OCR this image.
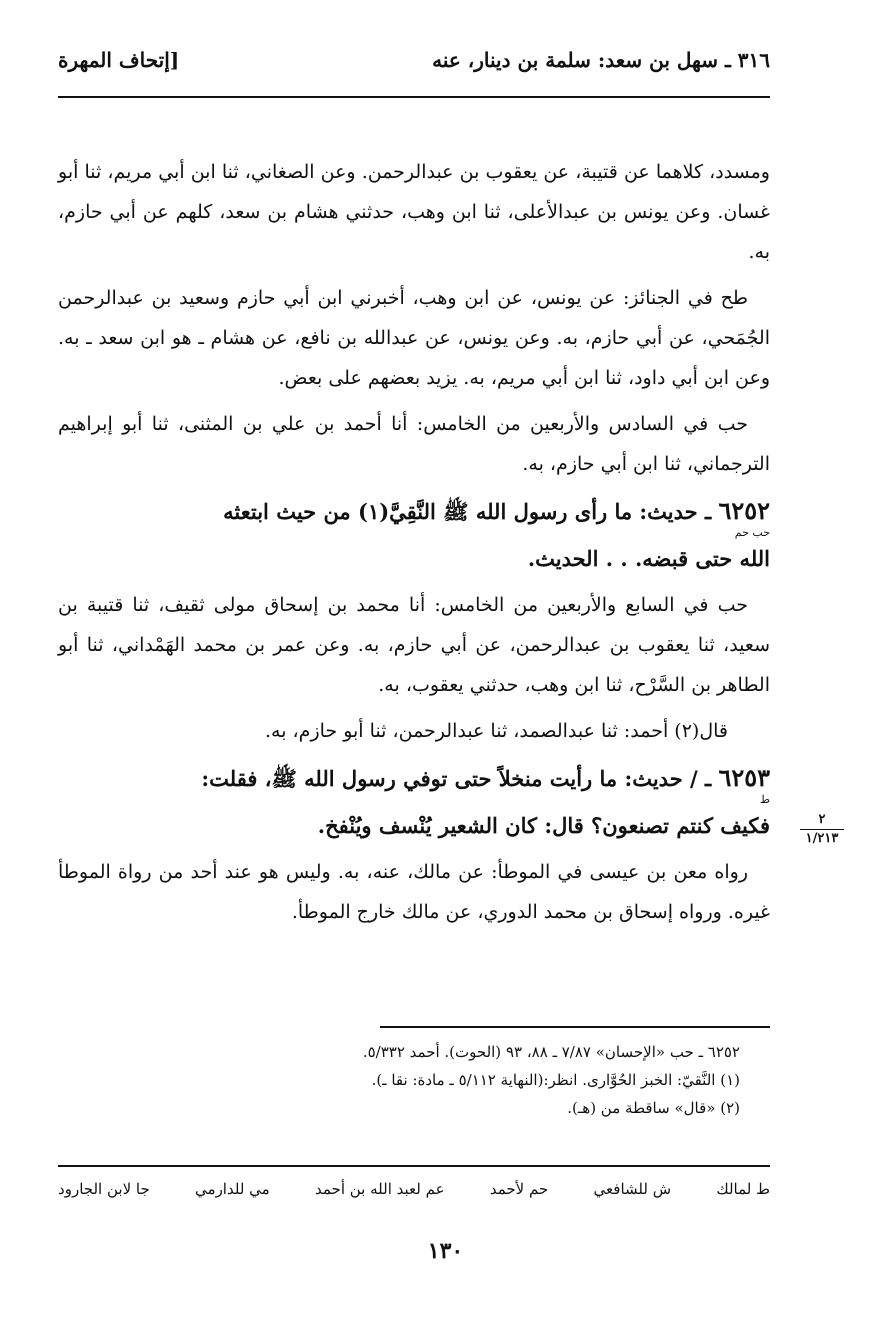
٣١٦ ـ سهل بن سعد: سلمة بن دينار، عنه
[إتحاف المهرة

ومسدد، كلاهما عن قتيبة، عن يعقوب بن عبدالرحمن. وعن الصغاني، ثنا ابن أبي مريم، ثنا أبو غسان. وعن يونس بن عبدالأعلى، ثنا ابن وهب، حدثني هشام بن سعد، كلهم عن أبي حازم، به.

طح في الجنائز: عن يونس، عن ابن وهب، أخبرني ابن أبي حازم وسعيد بن عبدالرحمن الجُمَحي، عن أبي حازم، به. وعن يونس، عن عبدالله بن نافع، عن هشام ـ هو ابن سعد ـ به. وعن ابن أبي داود، ثنا ابن أبي مريم، به. يزيد بعضهم على بعض.

حب في السادس والأربعين من الخامس: أنا أحمد بن علي بن المثنى، ثنا أبو إبراهيم الترجماني، ثنا ابن أبي حازم، به.

٦٢٥٢ ـ حديث: ما رأى رسول الله ﷺ النَّقِيَّ(١) من حيث ابتعثه
حب حم
الله حتى قبضه. . . الحديث.

حب في السابع والأربعين من الخامس: أنا محمد بن إسحاق مولى ثقيف، ثنا قتيبة بن سعيد، ثنا يعقوب بن عبدالرحمن، عن أبي حازم، به. وعن عمر بن محمد الهَمْداني، ثنا أبو الطاهر بن السَّرْح، ثنا ابن وهب، حدثني يعقوب، به.

قال(٢) أحمد: ثنا عبدالصمد، ثنا عبدالرحمن، ثنا أبو حازم، به.

٦٢٥٣ ـ / حديث: ما رأيت منخلاً حتى توفي رسول الله ﷺ، فقلت:
ط
فكيف كنتم تصنعون؟ قال: كان الشعير يُنْسف ويُنْفخ.

رواه معن بن عيسى في الموطأ: عن مالك، عنه، به. وليس هو عند أحد من رواة الموطأ غيره. ورواه إسحاق بن محمد الدوري، عن مالك خارج الموطأ.

٢
١/٢١٣
٦٢٥٢ ـ حب «الإحسان» ٧/٨٧ ـ ٨٨، ٩٣ (الحوت). أحمد ٥/٣٣٢.
(١) النَّقيّ: الخبز الحُوَّارى. انظر:(النهاية ٥/١١٢ ـ مادة: نقا ـ).
(٢) «قال» ساقطة من (هـ).
ط لمالك
ش للشافعي
حم لأحمد
عم لعبد الله بن أحمد
مي للدارمي
جا لابن الجارود
١٣٠
